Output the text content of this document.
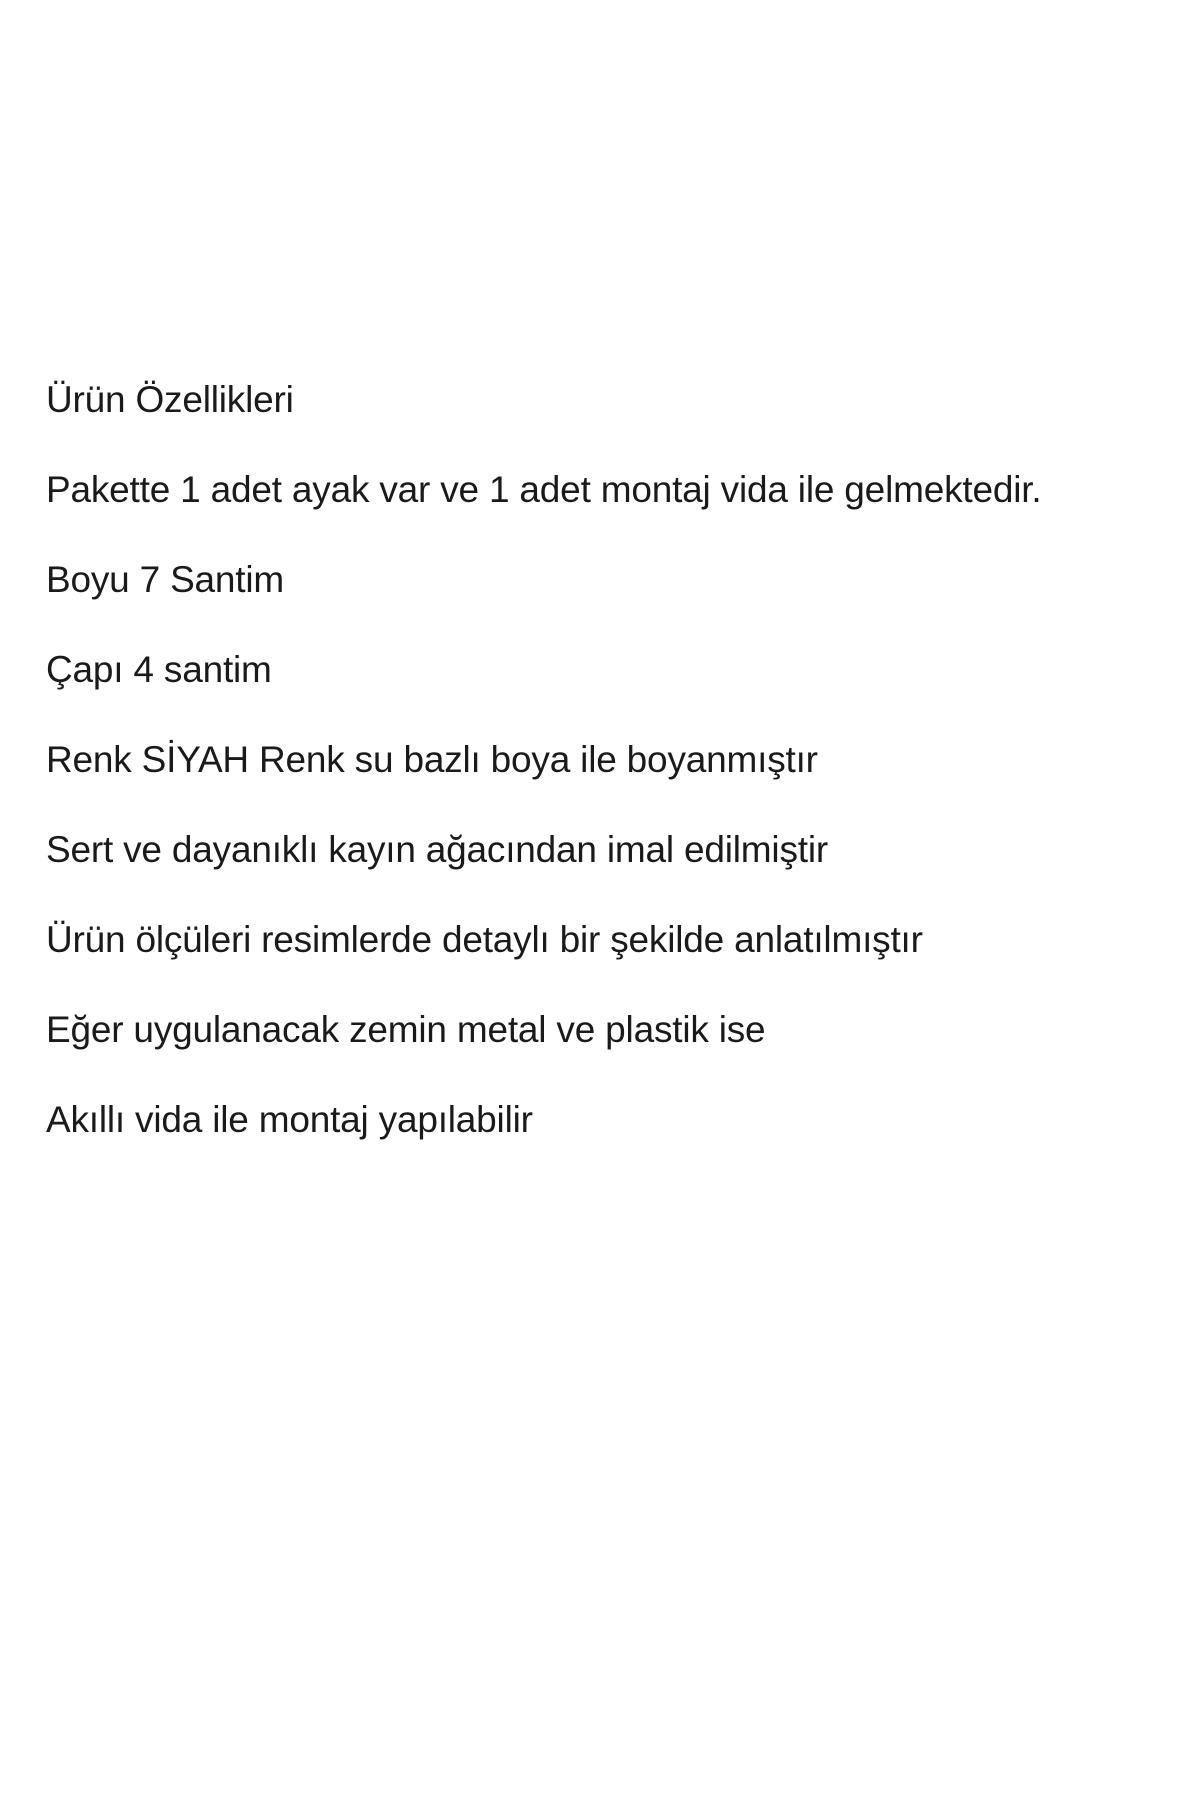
Ürün Özellikleri

Pakette 1 adet ayak var ve 1 adet montaj vida ile gelmektedir.

Boyu 7 Santim

Çapı 4 santim

Renk SİYAH Renk su bazlı boya ile boyanmıştır

Sert ve dayanıklı kayın ağacından imal edilmiştir

Ürün ölçüleri resimlerde detaylı bir şekilde anlatılmıştır

Eğer uygulanacak zemin metal ve plastik ise

Akıllı vida ile montaj yapılabilir
